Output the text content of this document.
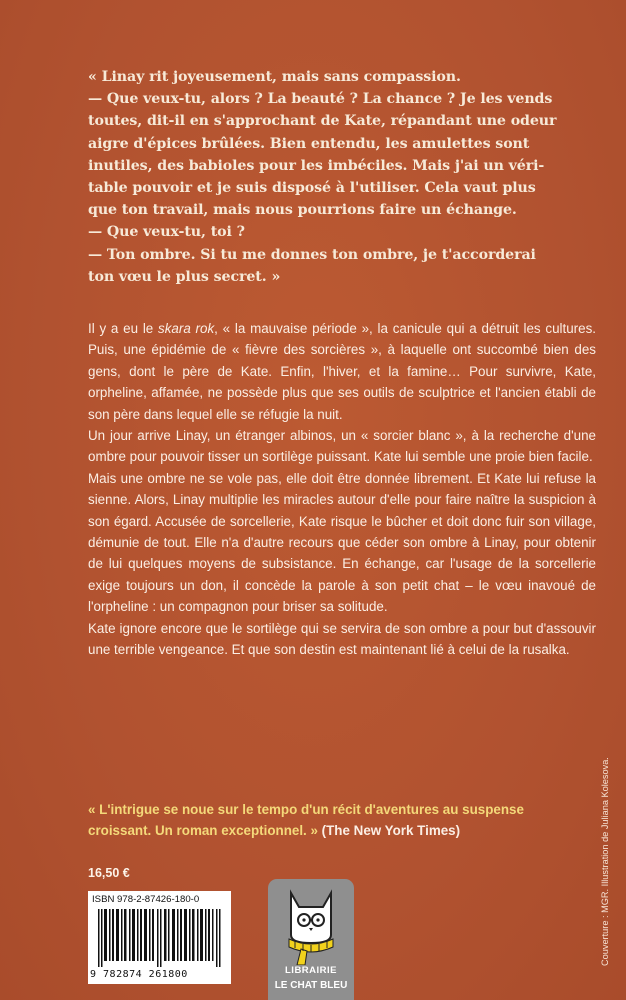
« Linay rit joyeusement, mais sans compassion.

— Que veux-tu, alors ? La beauté ? La chance ? Je les vends

toutes, dit-il en s'approchant de Kate, répandant une odeur

aigre d'épices brûlées. Bien entendu, les amulettes sont

inutiles, des babioles pour les imbéciles. Mais j'ai un véri-

table pouvoir et je suis disposé à l'utiliser. Cela vaut plus

que ton travail, mais nous pourrions faire un échange.

— Que veux-tu, toi ?

— Ton ombre. Si tu me donnes ton ombre, je t'accorderai

ton vœu le plus secret. »

Il y a eu le skara rok, « la mauvaise période », la canicule qui a détruit les cultures. Puis, une épidémie de « fièvre des sorcières », à laquelle ont succombé bien des gens, dont le père de Kate. Enfin, l'hiver, et la famine… Pour survivre, Kate, orpheline, affamée, ne possède plus que ses outils de sculptrice et l'ancien établi de son père dans lequel elle se réfugie la nuit.

Un jour arrive Linay, un étranger albinos, un « sorcier blanc », à la recherche d'une ombre pour pouvoir tisser un sortilège puissant. Kate lui semble une proie bien facile.

Mais une ombre ne se vole pas, elle doit être donnée librement. Et Kate lui refuse la sienne. Alors, Linay multiplie les miracles autour d'elle pour faire naître la suspicion à son égard. Accusée de sorcellerie, Kate risque le bûcher et doit donc fuir son village, démunie de tout. Elle n'a d'autre recours que céder son ombre à Linay, pour obtenir de lui quelques moyens de subsistance. En échange, car l'usage de la sorcellerie exige toujours un don, il concède la parole à son petit chat – le vœu inavoué de l'orpheline : un compagnon pour briser sa solitude.

Kate ignore encore que le sortilège qui se servira de son ombre a pour but d'assouvir une terrible vengeance. Et que son destin est maintenant lié à celui de la rusalka.

« L'intrigue se noue sur le tempo d'un récit d'aventures au suspense

croissant. Un roman exceptionnel. » (The New York Times)

16,50 €
ISBN 978-2-87426-180-0
9 782874 261800
Couverture : MGR. Illustration de Juliana Kolesova.
LIBRAIRIE
LE CHAT BLEU
